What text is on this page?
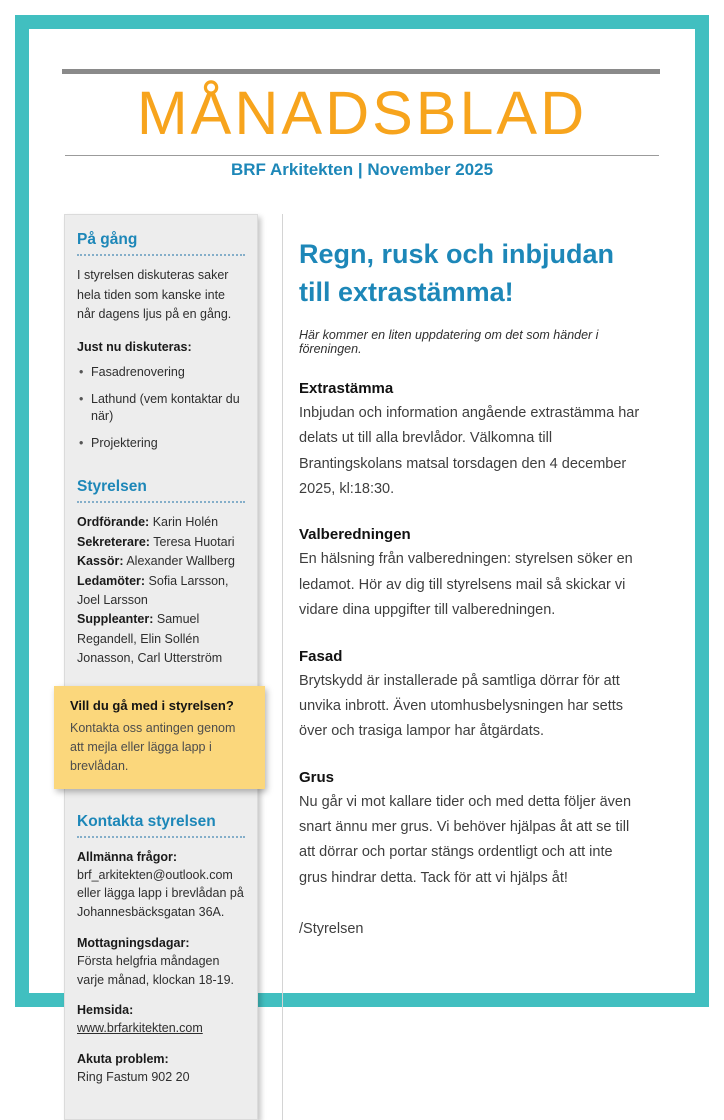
MÅNADSBLAD
BRF Arkitekten | November 2025
På gång

I styrelsen diskuteras saker hela tiden som kanske inte når dagens ljus på en gång.

Just nu diskuteras:
• Fasadrenovering
• Lathund (vem kontaktar du när)
• Projektering
Styrelsen
Ordförande: Karin Holén
Sekreterare: Teresa Huotari
Kassör: Alexander Wallberg
Ledamöter: Sofia Larsson, Joel Larsson
Suppleanter: Samuel Regandell, Elin Sollén Jonasson, Carl Utterström

Vill du gå med i styrelsen?

Kontakta oss antingen genom att mejla eller lägga lapp i brevlådan.

Kontakta styrelsen
Allmänna frågor:
brf_arkitekten@outlook.com eller lägga lapp i brevlådan på Johannesbäcksgatan 36A.
Mottagningsdagar:
Första helgfria måndagen varje månad, klockan 18-19.
Hemsida:
www.brfarkitekten.com
Akuta problem:
Ring Fastum 902 20
Regn, rusk och inbjudan till extrastämma!

Här kommer en liten uppdatering om det som händer i föreningen.

Extrastämma

Inbjudan och information angående extrastämma har delats ut till alla brevlådor. Välkomna till Brantingskolans matsal torsdagen den 4 december 2025, kl:18:30.

Valberedningen

En hälsning från valberedningen: styrelsen söker en ledamot. Hör av dig till styrelsens mail så skickar vi vidare dina uppgifter till valberedningen.

Fasad

Brytskydd är installerade på samtliga dörrar för att unvika inbrott. Även utomhusbelysningen har setts över och trasiga lampor har åtgärdats.

Grus

Nu går vi mot kallare tider och med detta följer även snart ännu mer grus. Vi behöver hjälpas åt att se till att dörrar och portar stängs ordentligt och att inte grus hindrar detta. Tack för att vi hjälps åt!

/Styrelsen
